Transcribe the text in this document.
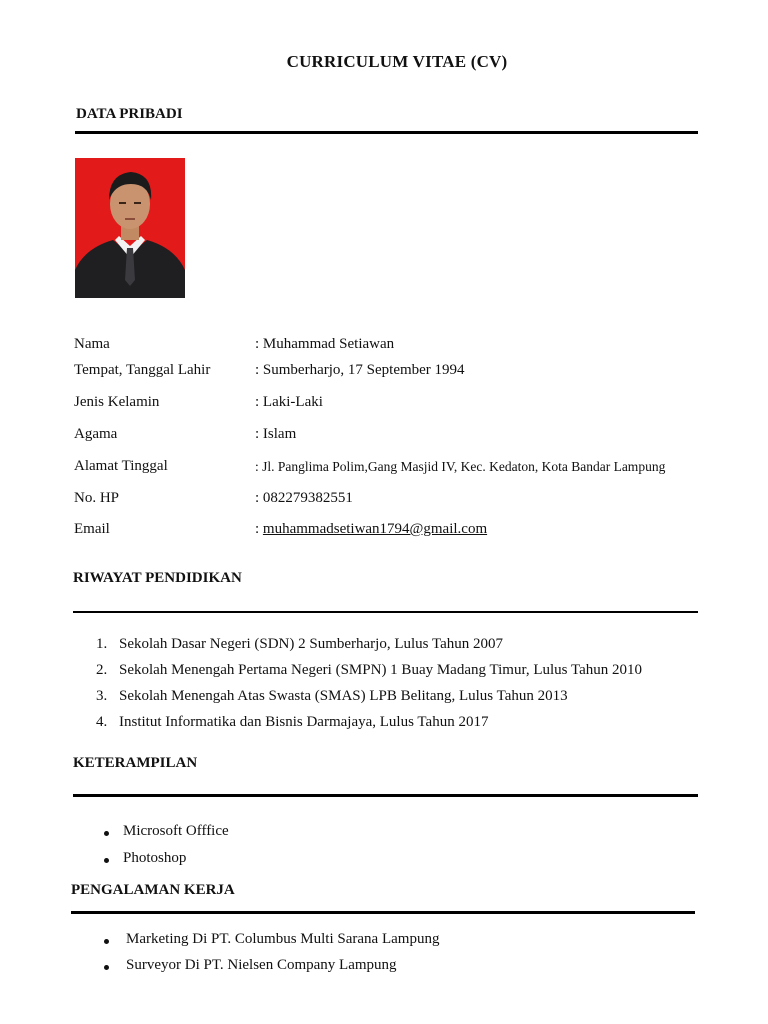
CURRICULUM VITAE (CV)
DATA PRIBADI
Nama	: Muhammad Setiawan
Tempat, Tanggal Lahir	: Sumberharjo, 17 September 1994
Jenis Kelamin	: Laki-Laki
Agama	: Islam
Alamat Tinggal	: Jl. Panglima Polim,Gang Masjid IV, Kec. Kedaton, Kota Bandar Lampung
No. HP	: 082279382551
Email	: muhammadsetiwan1794@gmail.com
RIWAYAT PENDIDIKAN
1. Sekolah Dasar Negeri (SDN) 2 Sumberharjo, Lulus Tahun 2007
2. Sekolah Menengah Pertama Negeri (SMPN) 1 Buay Madang Timur, Lulus Tahun 2010
3. Sekolah Menengah Atas Swasta (SMAS) LPB Belitang, Lulus Tahun 2013
4. Institut Informatika dan Bisnis Darmajaya, Lulus Tahun 2017
KETERAMPILAN
Microsoft Offfice
Photoshop
PENGALAMAN KERJA
Marketing Di PT. Columbus Multi Sarana Lampung
Surveyor Di PT. Nielsen Company Lampung
